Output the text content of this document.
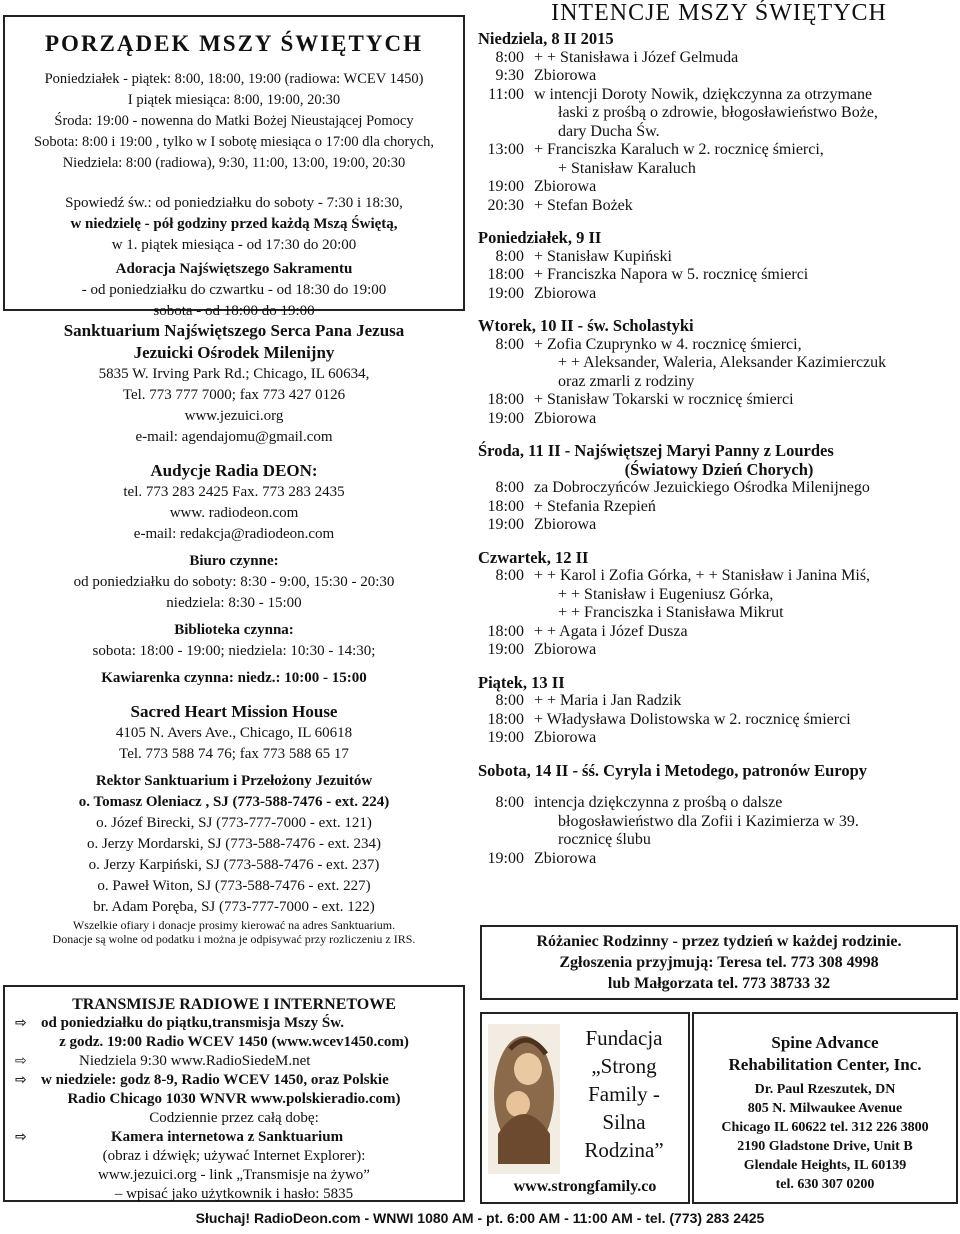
PORZĄDEK MSZY ŚWIĘTYCH
Poniedziałek - piątek: 8:00, 18:00, 19:00 (radiowa: WCEV 1450)
I piątek miesiąca: 8:00, 19:00, 20:30
Środa: 19:00 - nowenna do Matki Bożej Nieustającej Pomocy
Sobota: 8:00 i 19:00 , tylko w I sobotę miesiąca o 17:00 dla chorych,
Niedziela: 8:00 (radiowa), 9:30, 11:00, 13:00, 19:00, 20:30
Spowiedź św.: od poniedziałku do soboty - 7:30 i 18:30,
w niedzielę - pół godziny przed każdą Mszą Świętą,
w 1. piątek miesiąca - od 17:30 do 20:00
Adoracja Najświętszego Sakramentu
- od poniedziałku do czwartku - od 18:30 do 19:00
sobota - od 18:00 do 19:00
Sanktuarium Najświętszego Serca Pana Jezusa
Jezuicki Ośrodek Milenijny
5835 W. Irving Park Rd.; Chicago, IL 60634,
Tel. 773 777 7000; fax 773 427 0126
www.jezuici.org
e-mail: agendajomu@gmail.com
Audycje Radia DEON:
tel. 773 283 2425 Fax. 773 283 2435
www. radiodeon.com
e-mail: redakcja@radiodeon.com
Biuro czynne:
od poniedziałku do soboty: 8:30 - 9:00, 15:30 - 20:30
niedziela: 8:30 - 15:00
Biblioteka czynna:
sobota: 18:00 - 19:00; niedziela: 10:30 - 14:30;
Kawiarenka czynna: niedz.: 10:00 - 15:00
Sacred Heart Mission House
4105 N. Avers Ave., Chicago, IL 60618
Tel. 773 588 74 76; fax 773 588 65 17
Rektor Sanktuarium i Przełożony Jezuitów
o. Tomasz Oleniacz , SJ (773-588-7476 - ext. 224)
o. Józef Birecki, SJ (773-777-7000 - ext. 121)
o. Jerzy Mordarski, SJ (773-588-7476 - ext. 234)
o. Jerzy Karpiński, SJ (773-588-7476 - ext. 237)
o. Paweł Witon, SJ (773-588-7476 - ext. 227)
br. Adam Poręba, SJ (773-777-7000 - ext. 122)
Wszelkie ofiary i donacje prosimy kierować na adres Sanktuarium.
Donacje są wolne od podatku i można je odpisywać przy rozliczeniu z IRS.
TRANSMISJE RADIOWE I INTERNETOWE
⇨ od poniedziałku do piątku,transmisja Mszy Św.
z godz. 19:00 Radio WCEV 1450 (www.wcev1450.com)
⇨	Niedziela 9:30 www.RadioSiedeM.net
⇨ w niedziele: godz 8-9, Radio WCEV 1450, oraz Polskie
Radio Chicago 1030 WNVR www.polskieradio.com)
Codziennie przez całą dobę:
⇨	Kamera internetowa z Sanktuarium
(obraz i dźwięk; używać Internet Explorer):
www.jezuici.org - link „Transmisje na żywo”
– wpisać jako użytkownik i hasło: 5835
INTENCJE MSZY ŚWIĘTYCH
Niedziela, 8 II 2015
8:00 + + Stanisława i Józef Gelmuda
9:30 Zbiorowa
11:00 w intencji Doroty Nowik, dziękczynna za otrzymane
łaski z prośbą o zdrowie, błogosławieństwo Boże,
dary Ducha Św.
13:00 + Franciszka Karaluch w 2. rocznicę śmierci,
+ Stanisław Karaluch
19:00 Zbiorowa
20:30 + Stefan Bożek
Poniedziałek, 9 II
8:00 + Stanisław Kupiński
18:00 + Franciszka Napora w 5. rocznicę śmierci
19:00 Zbiorowa
Wtorek, 10 II - św. Scholastyki
8:00 + Zofia Czuprynko w 4. rocznicę śmierci,
+ + Aleksander, Waleria, Aleksander Kazimierczuk
oraz zmarli z rodziny
18:00 + Stanisław Tokarski w rocznicę śmierci
19:00 Zbiorowa
Środa, 11 II - Najświętszej Maryi Panny z Lourdes
(Światowy Dzień Chorych)
8:00 za Dobroczyńców Jezuickiego Ośrodka Milenijnego
18:00 + Stefania Rzepień
19:00 Zbiorowa
Czwartek, 12 II
8:00 + + Karol i Zofia Górka, + + Stanisław i Janina Miś,
+ + Stanisław i Eugeniusz Górka,
+ + Franciszka i Stanisława Mikrut
18:00 + + Agata i Józef Dusza
19:00 Zbiorowa
Piątek, 13 II
8:00 + + Maria i Jan Radzik
18:00 + Władysława Dolistowska w 2. rocznicę śmierci
19:00 Zbiorowa
Sobota, 14 II - śś. Cyryla i Metodego, patronów Europy
8:00 intencja dziękczynna z prośbą o dalsze
błogosławieństwo dla Zofii i Kazimierza w 39.
rocznicę ślubu
19:00 Zbiorowa
Różaniec Rodzinny - przez tydzień w każdej rodzinie.
Zgłoszenia przyjmują: Teresa tel. 773 308 4998
lub Małgorzata tel. 773 38733 32
Fundacja
„Strong
Family -
Silna
Rodzina”
www.strongfamily.co
Spine Advance
Rehabilitation Center, Inc.
Dr. Paul Rzeszutek, DN
805 N. Milwaukee Avenue
Chicago IL 60622 tel. 312 226 3800
2190 Gladstone Drive, Unit B
Glendale Heights, IL 60139
tel. 630 307 0200
Słuchaj! RadioDeon.com - WNWI 1080 AM - pt. 6:00 AM - 11:00 AM - tel. (773) 283 2425
